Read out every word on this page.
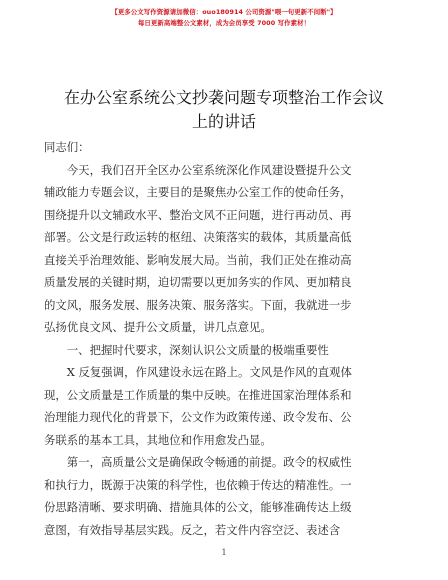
【更多公文写作资源请加微信：ouo180914 公司资源"喂一句更新不间断"】
每日更新高端整公文素材，成为会员享受 7000 写作素材！
在办公室系统公文抄袭问题专项整治工作会议
上的讲话

同志们：

　　今天，我们召开全区办公室系统深化作风建设暨提升公文
辅政能力专题会议，主要目的是聚焦办公室工作的使命任务，
围绕提升以文辅政水平、整治文风不正问题，进行再动员、再
部署。公文是行政运转的枢纽、决策落实的载体，其质量高低
直接关乎治理效能、影响发展大局。当前，我们正处在推动高
质量发展的关键时期，迫切需要以更加务实的作风、更加精良
的文风，服务发展、服务决策、服务落实。下面，我就进一步
弘扬优良文风、提升公文质量，讲几点意见。

　　一、把握时代要求，深刻认识公文质量的极端重要性

　　X 反复强调，作风建设永远在路上。文风是作风的直观体
现，公文质量是工作质量的集中反映。在推进国家治理体系和
治理能力现代化的背景下，公文作为政策传递、政令发布、公
务联系的基本工具，其地位和作用愈发凸显。

　　第一，高质量公文是确保政令畅通的前提。政令的权威性
和执行力，既源于决策的科学性，也依赖于传达的精准性。一
份思路清晰、要求明确、措施具体的公文，能够准确传达上级
意图，有效指导基层实践。反之，若文件内容空泛、表述含

1
